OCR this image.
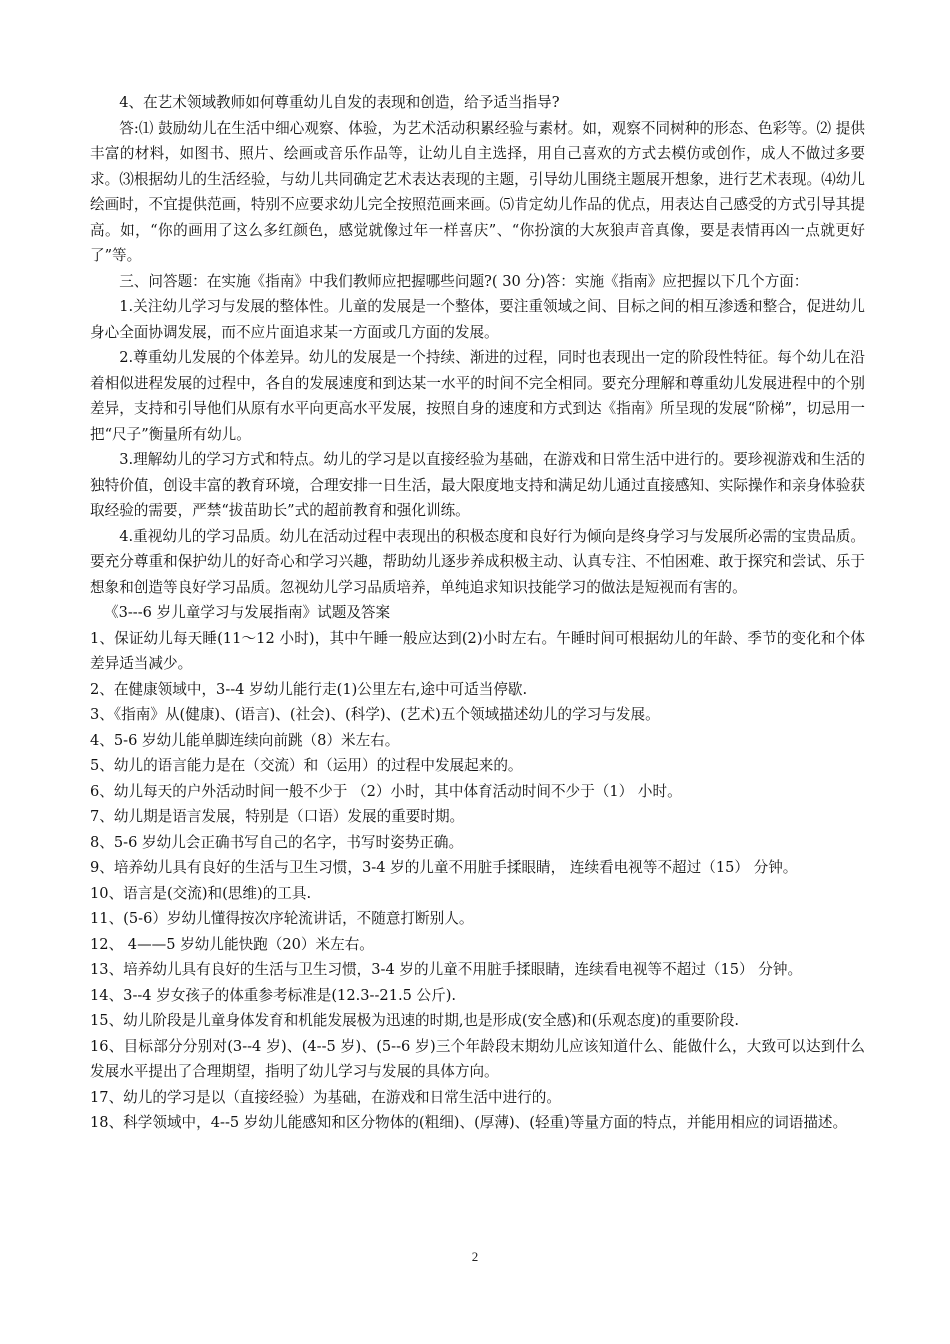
4、在艺术领域教师如何尊重幼儿自发的表现和创造，给予适当指导?

答:⑴ 鼓励幼儿在生活中细心观察、体验，为艺术活动积累经验与素材。如，观察不同树种的形态、色彩等。⑵ 提供丰富的材料，如图书、照片、绘画或音乐作品等，让幼儿自主选择，用自己喜欢的方式去模仿或创作，成人不做过多要求。⑶根据幼儿的生活经验，与幼儿共同确定艺术表达表现的主题，引导幼儿围绕主题展开想象，进行艺术表现。⑷幼儿绘画时，不宜提供范画，特别不应要求幼儿完全按照范画来画。⑸肯定幼儿作品的优点，用表达自己感受的方式引导其提高。如，“你的画用了这么多红颜色，感觉就像过年一样喜庆”、“你扮演的大灰狼声音真像，要是表情再凶一点就更好了”等。

三、问答题：在实施《指南》中我们教师应把握哪些问题?( 30 分)答：实施《指南》应把握以下几个方面：

1.关注幼儿学习与发展的整体性。儿童的发展是一个整体，要注重领域之间、目标之间的相互渗透和整合，促进幼儿身心全面协调发展，而不应片面追求某一方面或几方面的发展。

2.尊重幼儿发展的个体差异。幼儿的发展是一个持续、渐进的过程，同时也表现出一定的阶段性特征。每个幼儿在沿着相似进程发展的过程中，各自的发展速度和到达某一水平的时间不完全相同。要充分理解和尊重幼儿发展进程中的个别差异，支持和引导他们从原有水平向更高水平发展，按照自身的速度和方式到达《指南》所呈现的发展“阶梯”，切忌用一把“尺子”衡量所有幼儿。

3.理解幼儿的学习方式和特点。幼儿的学习是以直接经验为基础，在游戏和日常生活中进行的。要珍视游戏和生活的独特价值，创设丰富的教育环境，合理安排一日生活，最大限度地支持和满足幼儿通过直接感知、实际操作和亲身体验获取经验的需要，严禁“拔苗助长”式的超前教育和强化训练。

4.重视幼儿的学习品质。幼儿在活动过程中表现出的积极态度和良好行为倾向是终身学习与发展所必需的宝贵品质。要充分尊重和保护幼儿的好奇心和学习兴趣，帮助幼儿逐步养成积极主动、认真专注、不怕困难、敢于探究和尝试、乐于想象和创造等良好学习品质。忽视幼儿学习品质培养，单纯追求知识技能学习的做法是短视而有害的。

《3---6 岁儿童学习与发展指南》试题及答案

1、保证幼儿每天睡(11～12 小时)，其中午睡一般应达到(2)小时左右。午睡时间可根据幼儿的年龄、季节的变化和个体差异适当减少。

2、在健康领域中，3--4 岁幼儿能行走(1)公里左右,途中可适当停歇.

3、《指南》从(健康)、(语言)、(社会)、(科学)、(艺术)五个领域描述幼儿的学习与发展。

4、5-6 岁幼儿能单脚连续向前跳（8）米左右。

5、幼儿的语言能力是在（交流）和（运用）的过程中发展起来的。

6、幼儿每天的户外活动时间一般不少于 （2）小时，其中体育活动时间不少于（1） 小时。

7、幼儿期是语言发展，特别是（口语）发展的重要时期。

8、5-6 岁幼儿会正确书写自己的名字，书写时姿势正确。

9、培养幼儿具有良好的生活与卫生习惯，3-4 岁的儿童不用脏手揉眼睛， 连续看电视等不超过（15） 分钟。

10、语言是(交流)和(思维)的工具.

11、(5-6）岁幼儿懂得按次序轮流讲话，不随意打断别人。

12、 4——5 岁幼儿能快跑（20）米左右。

13、培养幼儿具有良好的生活与卫生习惯，3-4 岁的儿童不用脏手揉眼睛，连续看电视等不超过（15） 分钟。

14、3--4 岁女孩子的体重参考标准是(12.3--21.5 公斤).

15、幼儿阶段是儿童身体发育和机能发展极为迅速的时期,也是形成(安全感)和(乐观态度)的重要阶段.

16、目标部分分别对(3--4 岁)、(4--5 岁)、(5--6 岁)三个年龄段末期幼儿应该知道什么、能做什么，大致可以达到什么发展水平提出了合理期望，指明了幼儿学习与发展的具体方向。

17、幼儿的学习是以（直接经验）为基础，在游戏和日常生活中进行的。

18、科学领域中，4--5 岁幼儿能感知和区分物体的(粗细)、(厚薄)、(轻重)等量方面的特点，并能用相应的词语描述。

2
